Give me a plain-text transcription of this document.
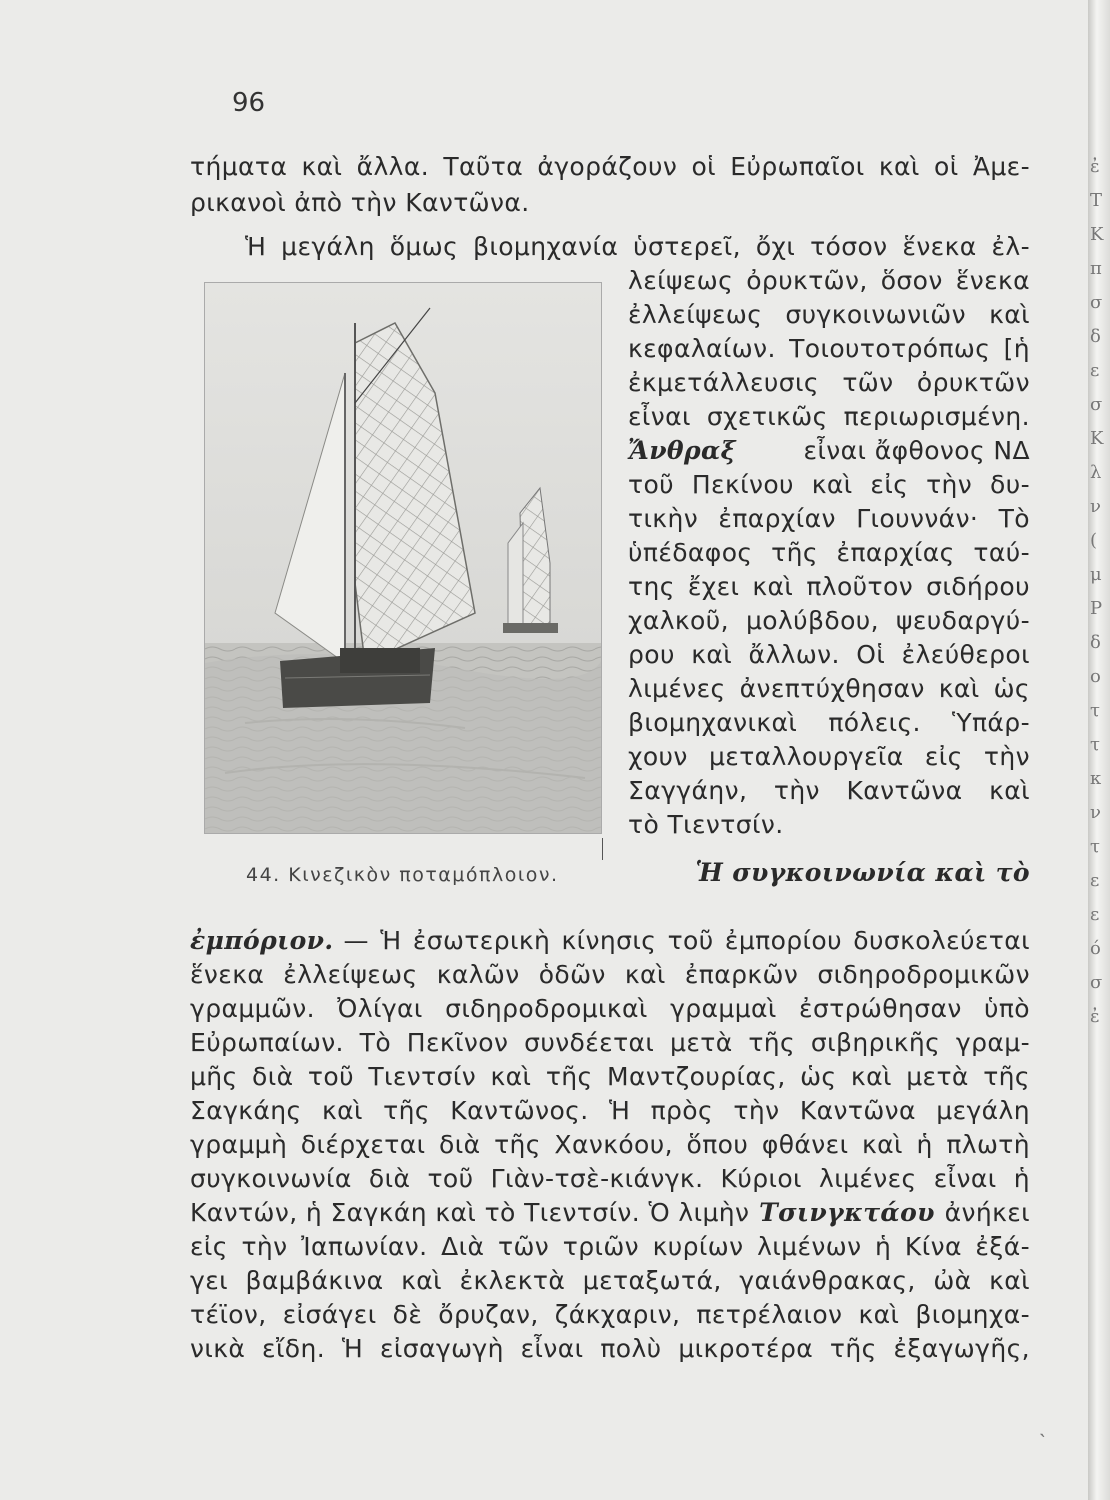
96
τήματα καὶ ἄλλα. Ταῦτα ἀγοράζουν οἱ Εὐρωπαῖοι καὶ οἱ Ἀμε-
ρικανοὶ ἀπὸ τὴν Καντῶνα.
Ἡ μεγάλη ὅμως βιομηχανία ὑστερεῖ, ὄχι τόσον ἕνεκα ἐλ-
λείψεως ὀρυκτῶν, ὅσον ἕνεκα
ἐλλείψεως συγκοινωνιῶν καὶ
κεφαλαίων. Τοιουτοτρόπως [ἡ
ἐκμετάλλευσις τῶν ὀρυκτῶν
εἶναι σχετικῶς περιωρισμένη.
Ἄνθραξ	εἶναι ἄφθονος ΝΔ
τοῦ Πεκίνου καὶ εἰς τὴν δυ-
τικὴν ἐπαρχίαν Γιουννάν· Τὸ
ὑπέδαφος τῆς ἐπαρχίας ταύ-
της ἔχει καὶ πλοῦτον σιδήρου
χαλκοῦ, μολύβδου, ψευδαργύ-
ρου καὶ ἄλλων. Οἱ ἐλεύθεροι
λιμένες ἀνεπτύχθησαν καὶ ὡς
βιομηχανικαὶ πόλεις. Ὑπάρ-
χουν μεταλλουργεῖα εἰς τὴν
Σαγγάην, τὴν Καντῶνα καὶ
τὸ Τιεντσίν.
44. Κινεζικὸν ποταμόπλοιον.	Ἡ συγκοινωνία καὶ τὸ
ἐμπόριον. — Ἡ ἐσωτερικὴ κίνησις τοῦ ἐμπορίου δυσκολεύεται
ἕνεκα ἐλλείψεως καλῶν ὁδῶν καὶ ἐπαρκῶν σιδηροδρομικῶν
γραμμῶν. Ὀλίγαι σιδηροδρομικαὶ γραμμαὶ ἐστρώθησαν ὑπὸ
Εὐρωπαίων. Τὸ Πεκῖνον συνδέεται μετὰ τῆς σιβηρικῆς γραμ-
μῆς διὰ τοῦ Τιεντσίν καὶ τῆς Μαντζουρίας, ὡς καὶ μετὰ τῆς
Σαγκάης καὶ τῆς Καντῶνος. Ἡ πρὸς τὴν Καντῶνα μεγάλη
γραμμὴ διέρχεται διὰ τῆς Χανκόου, ὅπου φθάνει καὶ ἡ πλωτὴ
συγκοινωνία διὰ τοῦ Γιὰν-τσὲ-κιάνγκ. Κύριοι λιμένες εἶναι ἡ
Καντών, ἡ Σαγκάη καὶ τὸ Τιεντσίν. Ὁ λιμὴν Τσινγκτάου ἀνήκει
εἰς τὴν Ἰαπωνίαν. Διὰ τῶν τριῶν κυρίων λιμένων ἡ Κίνα ἐξά-
γει βαμβάκινα καὶ ἐκλεκτὰ μεταξωτά, γαιάνθρακας, ὠὰ καὶ
τέϊον, εἰσάγει δὲ ὄρυζαν, ζάκχαριν, πετρέλαιον καὶ βιομηχα-
νικὰ εἴδη. Ἡ εἰσαγωγὴ εἶναι πολὺ μικροτέρα τῆς ἐξαγωγῆς,
˴
ἐ
Τ
Κ
π
σ
δ
ε
σ
Κ
λ
ν
(
μ
Ρ
δ
ο
τ
τ
κ
ν
τ
ε
ε
ό
σ
ἐ
